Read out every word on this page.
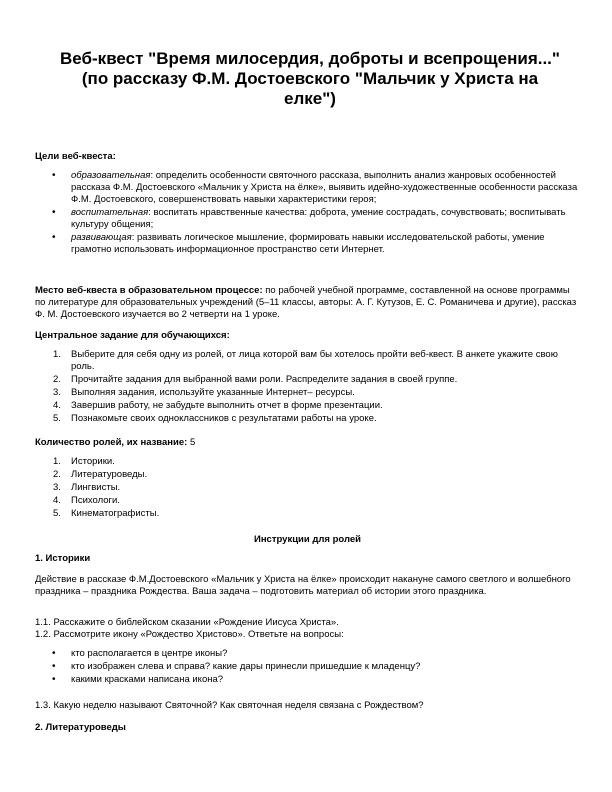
Веб-квест "Время милосердия, доброты и всепрощения..." (по рассказу Ф.М. Достоевского "Мальчик у Христа на елке")
Цели веб-квеста:
• образовательная: определить особенности святочного рассказа, выполнить анализ жанровых особенностей рассказа Ф.М. Достоевского «Мальчик у Христа на ёлке», выявить идейно-художественные особенности рассказа Ф.М. Достоевского, совершенствовать навыки характеристики героя;
• воспитательная: воспитать нравственные качества: доброта, умение сострадать, сочувствовать; воспитывать культуру общения;
• развивающая: развивать логическое мышление, формировать навыки исследовательской работы, умение грамотно использовать информационное пространство сети Интернет.
Место веб-квеста в образовательном процессе: по рабочей учебной программе, составленной на основе программы по литературе для образовательных учреждений (5–11 классы, авторы: А. Г. Кутузов, Е. С. Романичева и другие), рассказ Ф. М. Достоевского изучается во 2 четверти на 1 уроке.
Центральное задание для обучающихся:
1. Выберите для себя одну из ролей, от лица которой вам бы хотелось пройти веб-квест. В анкете укажите свою роль.
2. Прочитайте задания для выбранной вами роли. Распределите задания в своей группе.
3. Выполняя задания, используйте указанные Интернет– ресурсы.
4. Завершив работу, не забудьте выполнить отчет в форме презентации.
5. Познакомьте своих одноклассников с результатами работы на уроке.
Количество ролей, их название: 5
1. Историки.
2. Литературоведы.
3. Лингвисты.
4. Психологи.
5. Кинематографисты.
Инструкции для ролей
1. Историки
Действие в рассказе Ф.М.Достоевского «Мальчик у Христа на ёлке» происходит накануне самого светлого и волшебного праздника – праздника Рождества. Ваша задача – подготовить материал об истории этого праздника.
1.1. Расскажите о библейском сказании «Рождение Иисуса Христа».
1.2. Рассмотрите икону «Рождество Христово». Ответьте на вопросы:
• кто располагается в центре иконы?
• кто изображен слева и справа? какие дары принесли пришедшие к младенцу?
• какими красками написана икона?
1.3. Какую неделю называют Святочной? Как святочная неделя связана с Рождеством?
2. Литературоведы
